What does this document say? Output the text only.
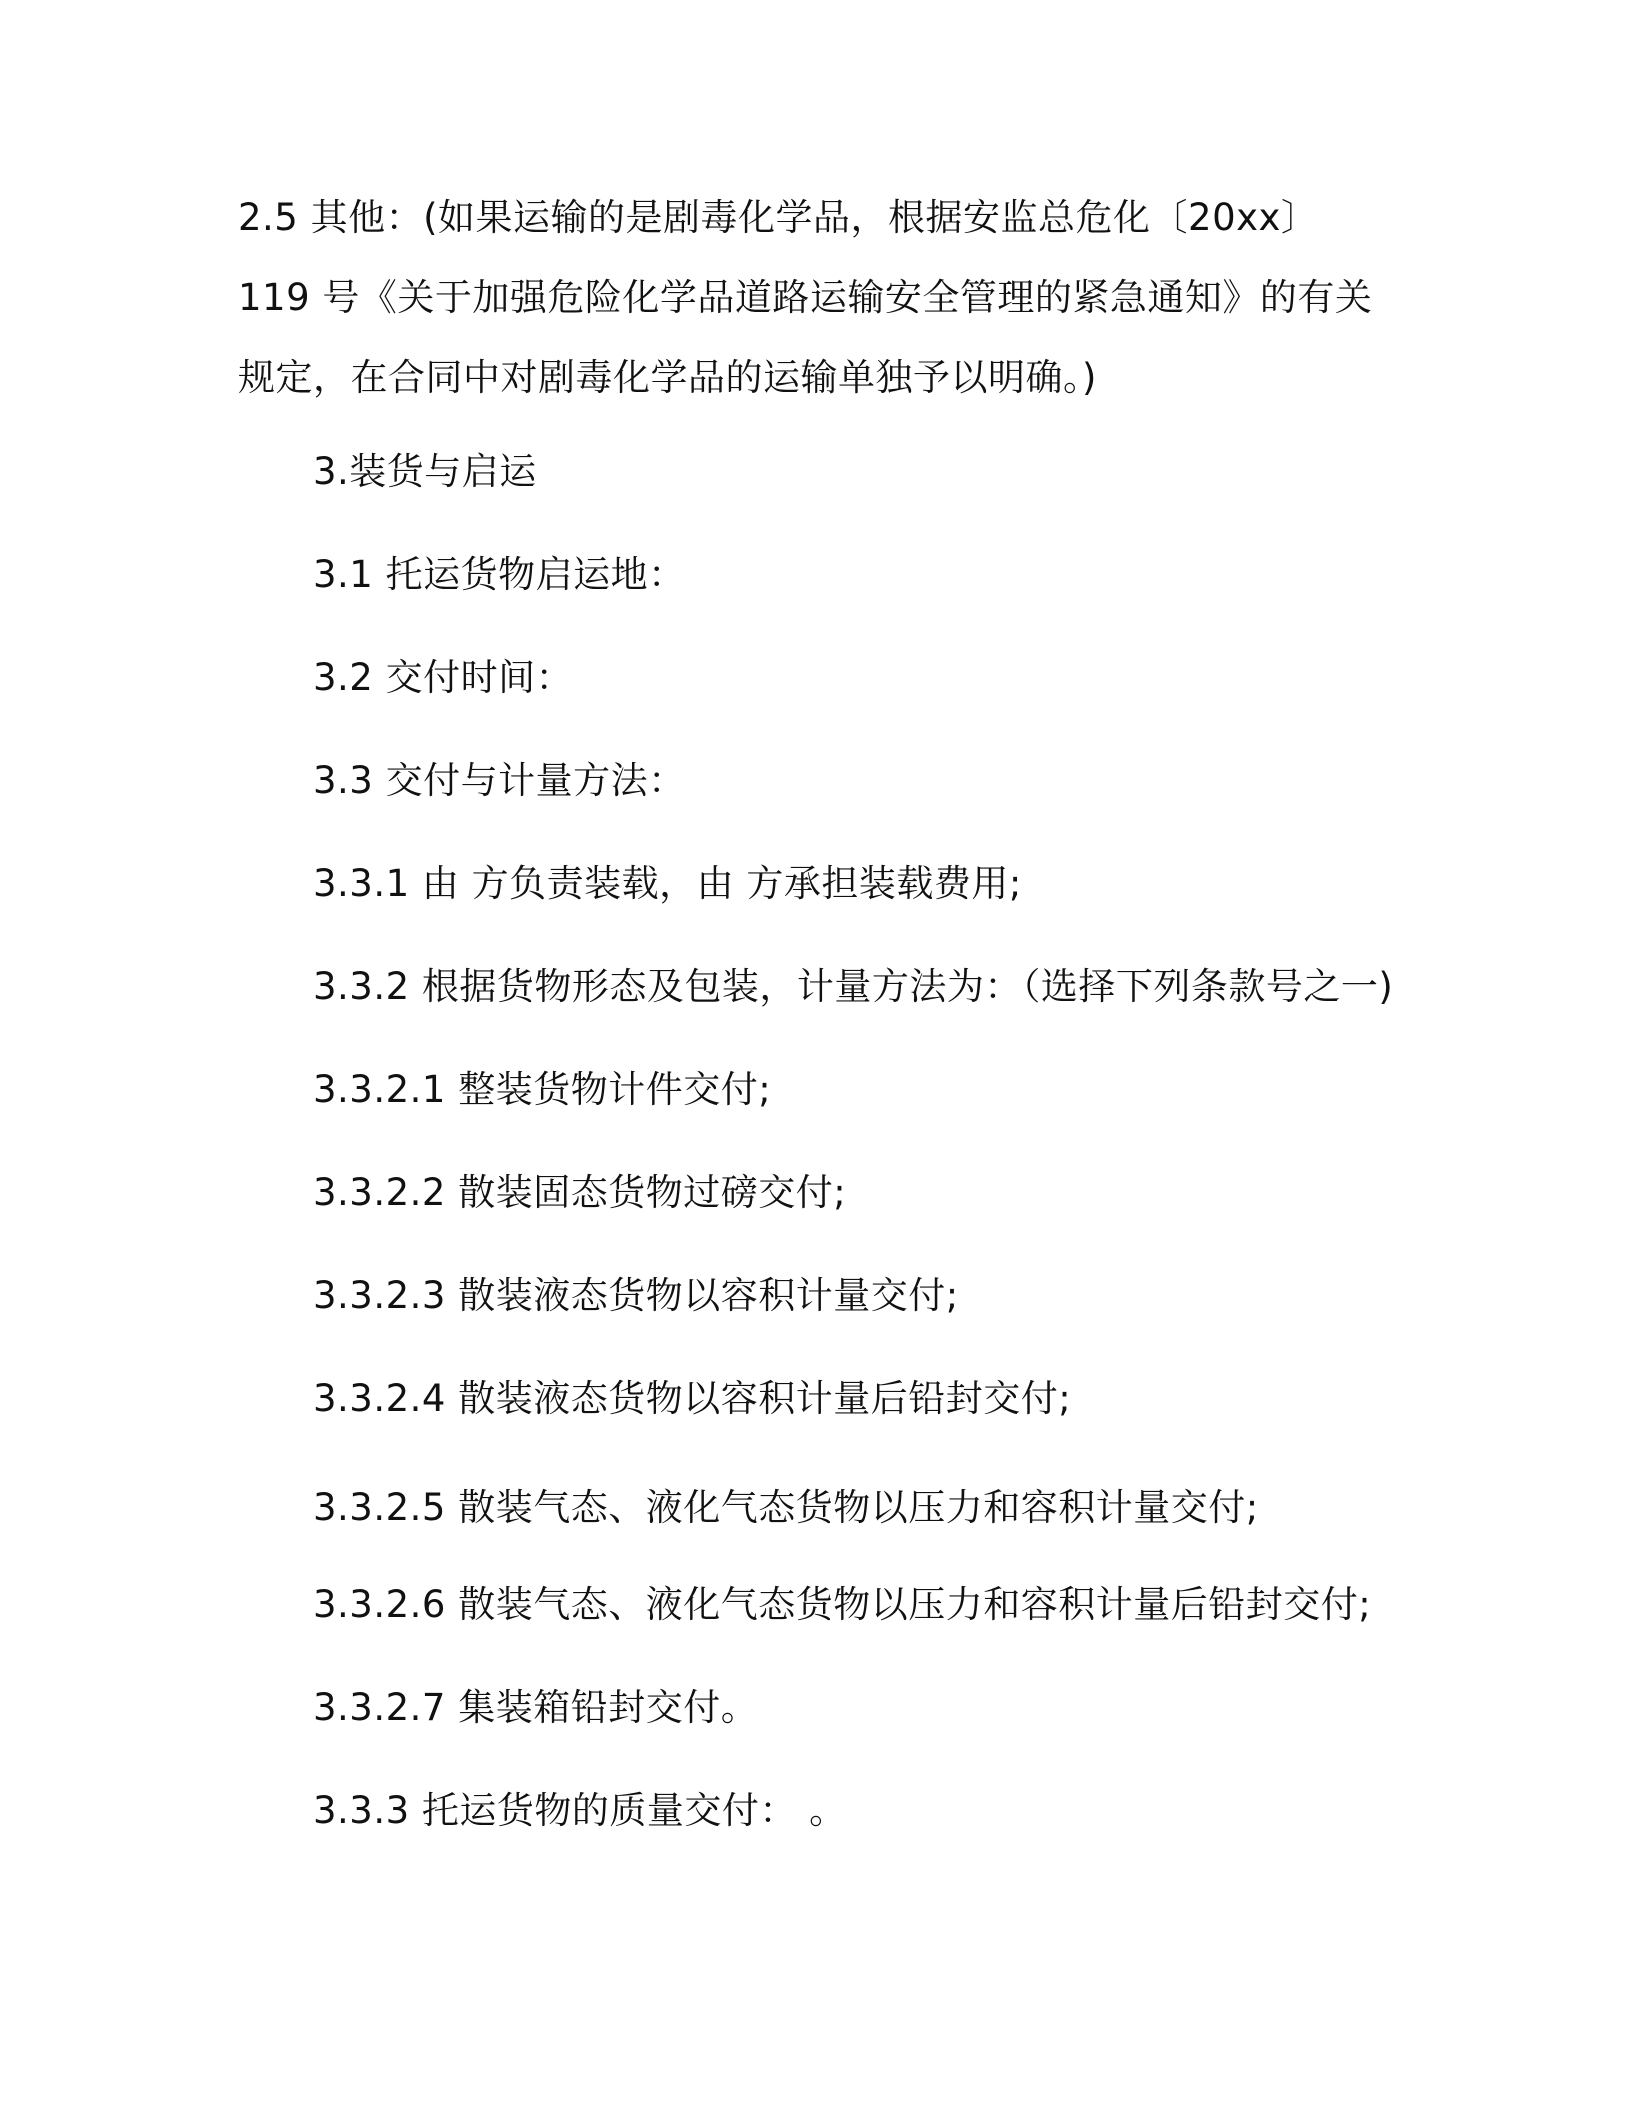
2.5 其他：(如果运输的是剧毒化学品，根据安监总危化〔20xx〕
119 号《关于加强危险化学品道路运输安全管理的紧急通知》的有关
规定，在合同中对剧毒化学品的运输单独予以明确。)

3.装货与启运

3.1 托运货物启运地：

3.2 交付时间：

3.3 交付与计量方法：

3.3.1 由 方负责装载，由 方承担装载费用;

3.3.2 根据货物形态及包装，计量方法为：（选择下列条款号之一)

3.3.2.1 整装货物计件交付;

3.3.2.2 散装固态货物过磅交付;

3.3.2.3 散装液态货物以容积计量交付;

3.3.2.4 散装液态货物以容积计量后铅封交付;

3.3.2.5 散装气态、液化气态货物以压力和容积计量交付;

3.3.2.6 散装气态、液化气态货物以压力和容积计量后铅封交付;

3.3.2.7 集装箱铅封交付。

3.3.3 托运货物的质量交付： 。
